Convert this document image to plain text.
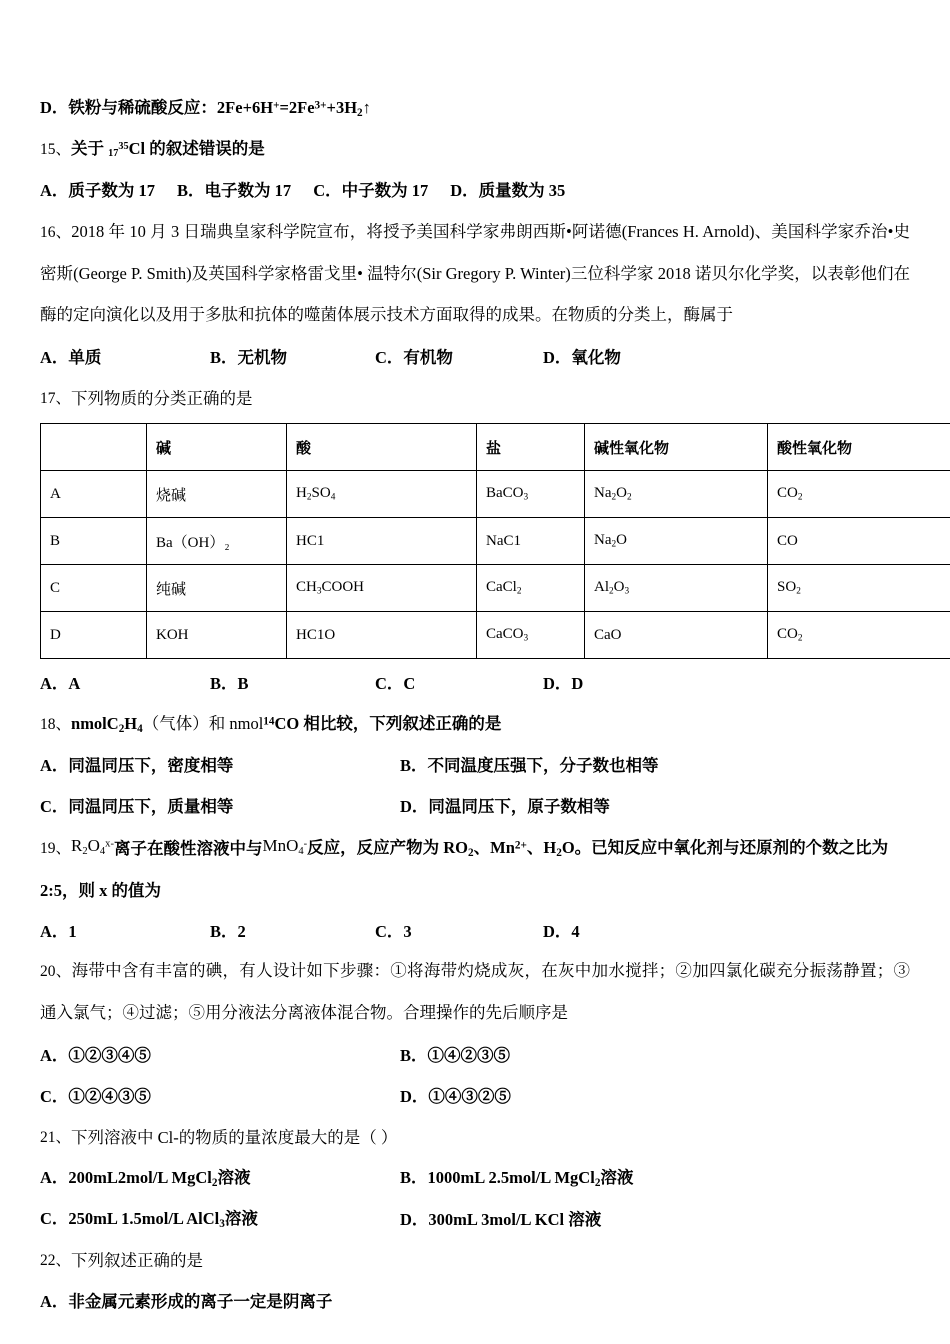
D．铁粉与稀硫酸反应：$2Fe+6H^+=2Fe^{3+}+3H_2↑$
15、 关于 $_{17}^{35}$Cl 的叙述错误的是
A．质子数为 17 B．电子数为 17 C．中子数为 17 D．质量数为 35
16、2018 年 10 月 3 日瑞典皇家科学院宣布，将授予美国科学家弗朗西斯•阿诺德(Frances H. Arnold)、美国科学家乔治•史密斯(George P. Smith)及英国科学家格雷戈里• 温特尔(Sir Gregory P. Winter)三位科学家 2018 诺贝尔化学奖，以表彰他们在酶的定向演化以及用于多肽和抗体的噬菌体展示技术方面取得的成果。在物质的分类上，酶属于
A．单质	B．无机物	C．有机物	D．氧化物
17、 下列物质的分类正确的是
	碱	酸	盐	碱性氧化物	酸性氧化物
A	烧碱	$H_2SO_4$	BaCO$_3$	$Na_2O_2$	$CO_2$
B	Ba（OH）₂	HC1	NaC1	$Na_2O$	CO
C	纯碱	$CH_3COOH$	CaCl$_2$	$Al_2O_3$	$SO_2$
D	KOH	HC1O	CaCO$_3$	CaO	$CO_2$
A．A	B．B	C．C	D．D
18、 $nmolC_2H_4$（气体）和 nmol$^{14}$CO 相比较，下列叙述正确的是
A．同温同压下，密度相等	B．不同温度压强下，分子数也相等
C．同温同压下，质量相等	D．同温同压下，原子数相等
19、 $R_2O_4^{x-}$ 离子在酸性溶液中与 MnO$_4$- 反应，反应产物为 $RO_2$、$Mn^{2+}$、$H_2O$。已知反应中氧化剂与还原剂的个数之比为
2:5，则 x 的值为
A．1	B．2	C．3	D．4
20、海带中含有丰富的碘，有人设计如下步骤：①将海带灼烧成灰，在灰中加水搅拌；②加四氯化碳充分振荡静置；③通入氯气；④过滤；⑤用分液法分离液体混合物。合理操作的先后顺序是
A．①②③④⑤	B．①④②③⑤
C．①②④③⑤	D．①④③②⑤
21、 下列溶液中 Cl-的物质的量浓度最大的是（ ）
A．200mL2mol/L MgCl$_2$溶液	B．1000mL 2.5mol/L MgCl$_2$溶液
C．250mL 1.5mol/L AlCl$_3$溶液	D．300mL 3mol/L KCl 溶液
22、 下列叙述正确的是
A．非金属元素形成的离子一定是阴离子
